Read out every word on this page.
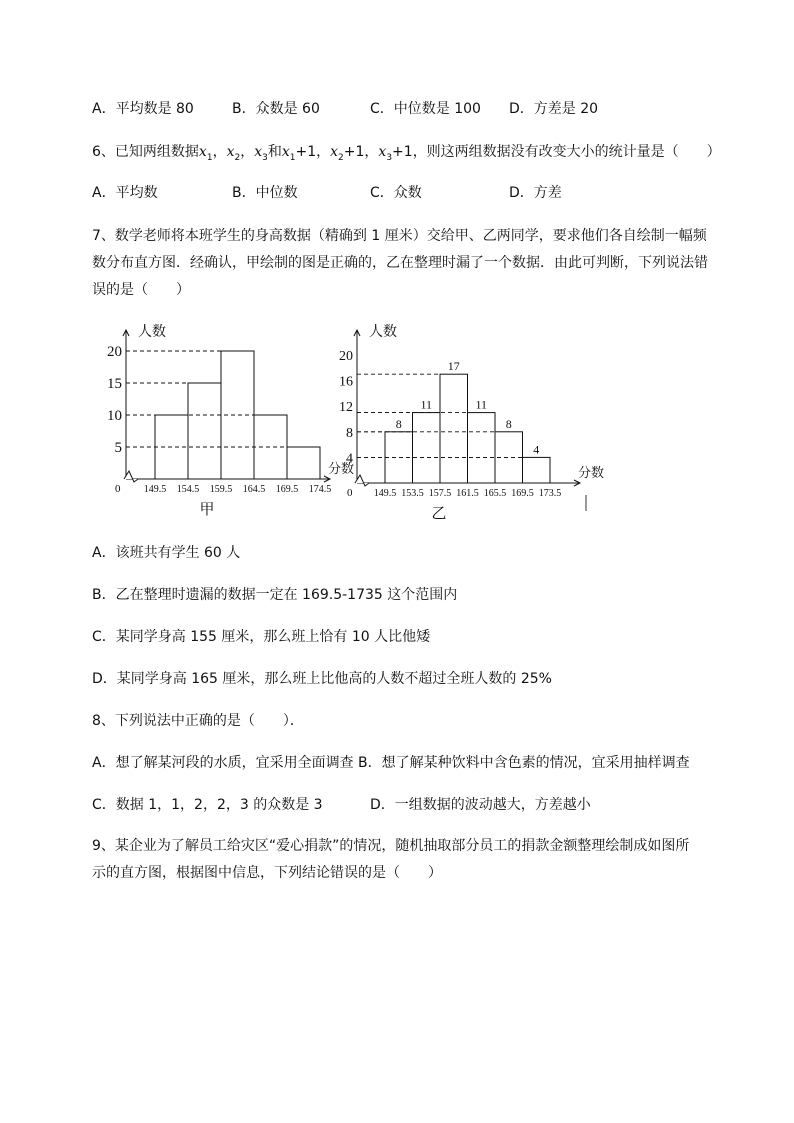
A．平均数是 80	B．众数是 60	C．中位数是 100 D．方差是 20
6、已知两组数据$x_1$，$x_2$，$x_3$和$x_1+1$，$x_2+1$，$x_3+1$，则这两组数据没有改变大小的统计量是（　　）
A．平均数	B．中位数	C．众数	D．方差
7、数学老师将本班学生的身高数据（精确到 1 厘米）交给甲、乙两同学，要求他们各自绘制一幅频
数分布直方图．经确认，甲绘制的图是正确的，乙在整理时漏了一个数据．由此可判断，下列说法错
误的是（　　）
人数
分数
0
5
10
15
20
149.5 154.5 159.5 164.5 169.5 174.5
甲
人数
分数
0
8
11
17
11
8
4
4
8
12
16
20
149.5 153.5 157.5 161.5 165.5 169.5 173.5
乙
A．该班共有学生 60 人
B．乙在整理时遗漏的数据一定在 169.5-1735 这个范围内
C．某同学身高 155 厘米，那么班上恰有 10 人比他矮
D．某同学身高 165 厘米，那么班上比他高的人数不超过全班人数的 25%
8、下列说法中正确的是（　　）．
A．想了解某河段的水质，宜采用全面调查 B．想了解某种饮料中含色素的情况，宜采用抽样调查
C．数据 1，1，2，2，3 的众数是 3	D．一组数据的波动越大，方差越小
9、某企业为了解员工给灾区“爱心捐款”的情况，随机抽取部分员工的捐款金额整理绘制成如图所
示的直方图，根据图中信息，下列结论错误的是（　　）
